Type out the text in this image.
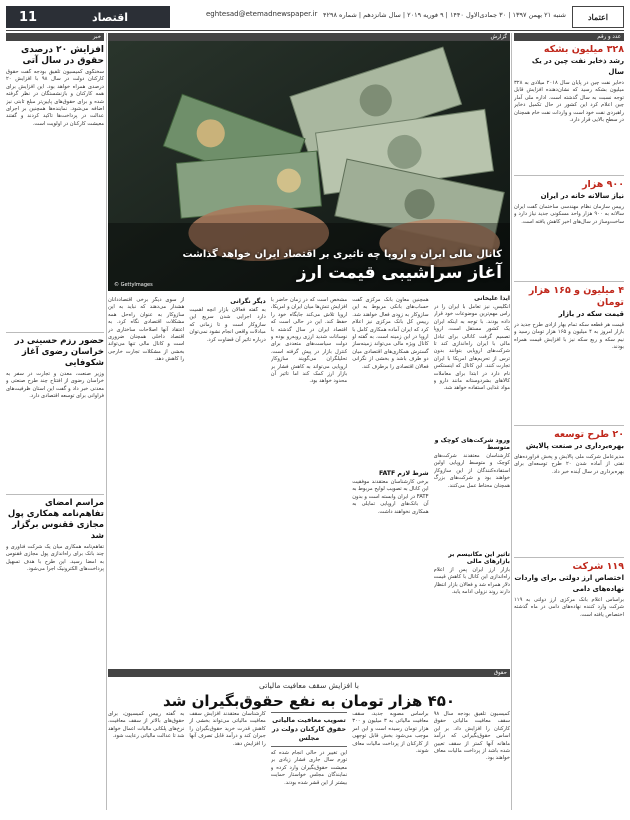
11	اقتصاد	eghtesad@etemadnewspaper.ir شنبه ۲۱ بهمن ۱۳۹۷ | ۳۰ جمادی‌الاول ۱۴۴۰ | ۹ فوریه ۲۰۱۹ | سال شانزدهم | شماره ۴۲۹۸	اعتماد
عدد و رقم
۳۲۸ میلیون بشکه
رشد ذخایر نفت چین در یک سال
ذخایر نفت چین در پایان سال ۲۰۱۸ میلادی به ۳۲۸ میلیون بشکه رسید که نشان‌دهنده افزایش قابل توجه نسبت به سال گذشته است. اداره ملی آمار چین اعلام کرد این کشور در حال تکمیل ذخایر راهبردی نفت خود است و واردات نفت خام همچنان در سطح بالایی قرار دارد.
۹۰۰ هزار
نیاز سالانه خانه در ایران
رییس سازمان نظام مهندسی ساختمان گفت ایران سالانه به ۹۰۰ هزار واحد مسکونی جدید نیاز دارد و ساخت‌وساز در سال‌های اخیر کاهش یافته است.
۴ میلیون و ۱۶۵ هزار تومان
قیمت سکه در بازار
قیمت هر قطعه سکه تمام بهار آزادی طرح جدید در بازار امروز به ۴ میلیون و ۱۶۵ هزار تومان رسید و نیم سکه و ربع سکه نیز با افزایش قیمت همراه بودند.
۲۰ طرح توسعه
بهره‌برداری در صنعت پالایش
مدیرعامل شرکت ملی پالایش و پخش فرآورده‌های نفتی از آماده شدن ۲۰ طرح توسعه‌ای برای بهره‌برداری در سال آینده خبر داد.
۱۱۹ شرکت
اختصاص ارز دولتی برای واردات نهاده‌های دامی
براساس اعلام بانک مرکزی ارز دولتی به ۱۱۹ شرکت وارد کننده نهاده‌های دامی در ماه گذشته اختصاص یافته است.
خبر
افزایش ۲۰ درصدی حقوق در سال آتی
سخنگوی کمیسیون تلفیق بودجه گفت حقوق کارکنان دولت در سال ۹۸ با افزایش ۲۰ درصدی همراه خواهد بود. این افزایش برای همه کارکنان و بازنشستگان در نظر گرفته شده و برای حقوق‌های پایین‌تر مبلغ ثابتی نیز اضافه می‌شود. نماینده‌ها همچنین بر اجرای عدالت در پرداخت‌ها تاکید کردند و گفتند معیشت کارکنان در اولویت است.
حضور رزم حسینی در خراسان رضوی آغاز شکوفایی
وزیر صنعت، معدن و تجارت در سفر به خراسان رضوی از افتتاح چند طرح صنعتی و معدنی خبر داد و گفت این استان ظرفیت‌های فراوانی برای توسعه اقتصادی دارد.
مراسم امضای تفاهم‌نامه همکاری پول مجازی ققنوس برگزار شد
تفاهم‌نامه همکاری میان یک شرکت فناوری و چند بانک برای راه‌اندازی پول مجازی ققنوس به امضا رسید. این طرح با هدف تسهیل پرداخت‌های الکترونیک اجرا می‌شود.
گزارش
کانال مالی ایران و اروپا چه تاثیری بر اقتصاد ایران خواهد گذاشت
آغاز سراشیبی قیمت ارز
© GettyImages
آیدا علیخانی
انگلیس، نیز تعامل با ایران را در راس مهم‌ترین موضوعات خود قرار داده بودند. با توجه به اینکه ایران یک کشور مستقل است، اروپا تصمیم گرفت کانالی برای تبادل مالی با ایران راه‌اندازی کند تا شرکت‌های اروپایی بتوانند بدون ترس از تحریم‌های امریکا با ایران تجارت کنند. این کانال که اینستکس نام دارد در ابتدا برای معاملات کالاهای بشردوستانه مانند دارو و مواد غذایی استفاده خواهد شد.
ورود شرکت‌های کوچک و متوسط
کارشناسان معتقدند شرکت‌های کوچک و متوسط اروپایی اولین استفاده‌کنندگان از این سازوکار خواهند بود و شرکت‌های بزرگ همچنان محتاط عمل می‌کنند.
تاثیر این مکانیسم بر بازارهای مالی
بازار ارز ایران پس از اعلام راه‌اندازی این کانال با کاهش قیمت دلار همراه شد و فعالان بازار انتظار دارند روند نزولی ادامه یابد.
همچنین معاون بانک مرکزی گفت حساب‌های بانکی مربوط به این سازوکار به زودی فعال خواهند شد. رییس کل بانک مرکزی نیز اعلام کرد که ایران آماده همکاری کامل با اروپا در این زمینه است. به گفته او کانال ویژه مالی می‌تواند زمینه‌ساز گسترش همکاری‌های اقتصادی میان دو طرف باشد و بخشی از نگرانی فعالان اقتصادی را برطرف کند.
شرط لازم FATF
برخی کارشناسان معتقدند موفقیت این کانال به تصویب لوایح مربوط به FATF در ایران وابسته است و بدون آن بانک‌های اروپایی تمایلی به همکاری نخواهند داشت.
مشخص است که در زمان حاضر با افزایش تنش‌ها میان ایران و امریکا، اروپا تلاش می‌کند جایگاه خود را حفظ کند. این در حالی است که اقتصاد ایران در سال گذشته با نوسانات شدید ارزی روبه‌رو بوده و دولت سیاست‌های متعددی برای کنترل بازار در پیش گرفته است. تحلیلگران می‌گویند سازوکار اروپایی می‌تواند به کاهش فشار بر بازار ارز کمک کند اما تاثیر آن محدود خواهد بود.
دیگر نگرانی
به گفته فعالان بازار آنچه اهمیت دارد اجرایی شدن سریع این سازوکار است و تا زمانی که مبادلات واقعی انجام نشود نمی‌توان درباره تاثیر آن قضاوت کرد.
از سوی دیگر برخی اقتصاددانان هشدار می‌دهند که نباید به این سازوکار به عنوان راه‌حل همه مشکلات اقتصادی نگاه کرد. به اعتقاد آنها اصلاحات ساختاری در اقتصاد داخلی همچنان ضروری است و کانال مالی تنها می‌تواند بخشی از مشکلات تجارت خارجی را کاهش دهد.
حقوق
با افزایش سقف معافیت مالیاتی
۴۵۰ هزار تومان به نفع حقوق‌بگیران شد
کمیسیون تلفیق بودجه سال ۹۸ سقف معافیت مالیاتی حقوق کارکنان را افزایش داد. بر این اساس حقوق‌بگیرانی که درآمد ماهانه آنها کمتر از سقف تعیین شده باشد از پرداخت مالیات معاف خواهند بود.
براساس مصوبه جدید، سقف معافیت مالیاتی به ۳ میلیون و ۳۰۰ هزار تومان رسیده است و این امر موجب می‌شود بخش قابل توجهی از کارکنان از پرداخت مالیات معاف شوند.
تصویب معافیت مالیاتی حقوق کارکنان دولت در مجلس
این تغییر در حالی انجام شده که تورم سال جاری فشار زیادی بر معیشت حقوق‌بگیران وارد کرده و نمایندگان مجلس خواستار حمایت بیشتر از این قشر شده بودند.
کارشناسان معتقدند افزایش سقف معافیت مالیاتی می‌تواند بخشی از کاهش قدرت خرید حقوق‌بگیران را جبران کند و درآمد قابل تصرف آنها را افزایش دهد.
به گفته رییس کمیسیون، برای حقوق‌های بالاتر از سقف معافیت، نرخ‌های پلکانی مالیات اعمال خواهد شد تا عدالت مالیاتی رعایت شود.
